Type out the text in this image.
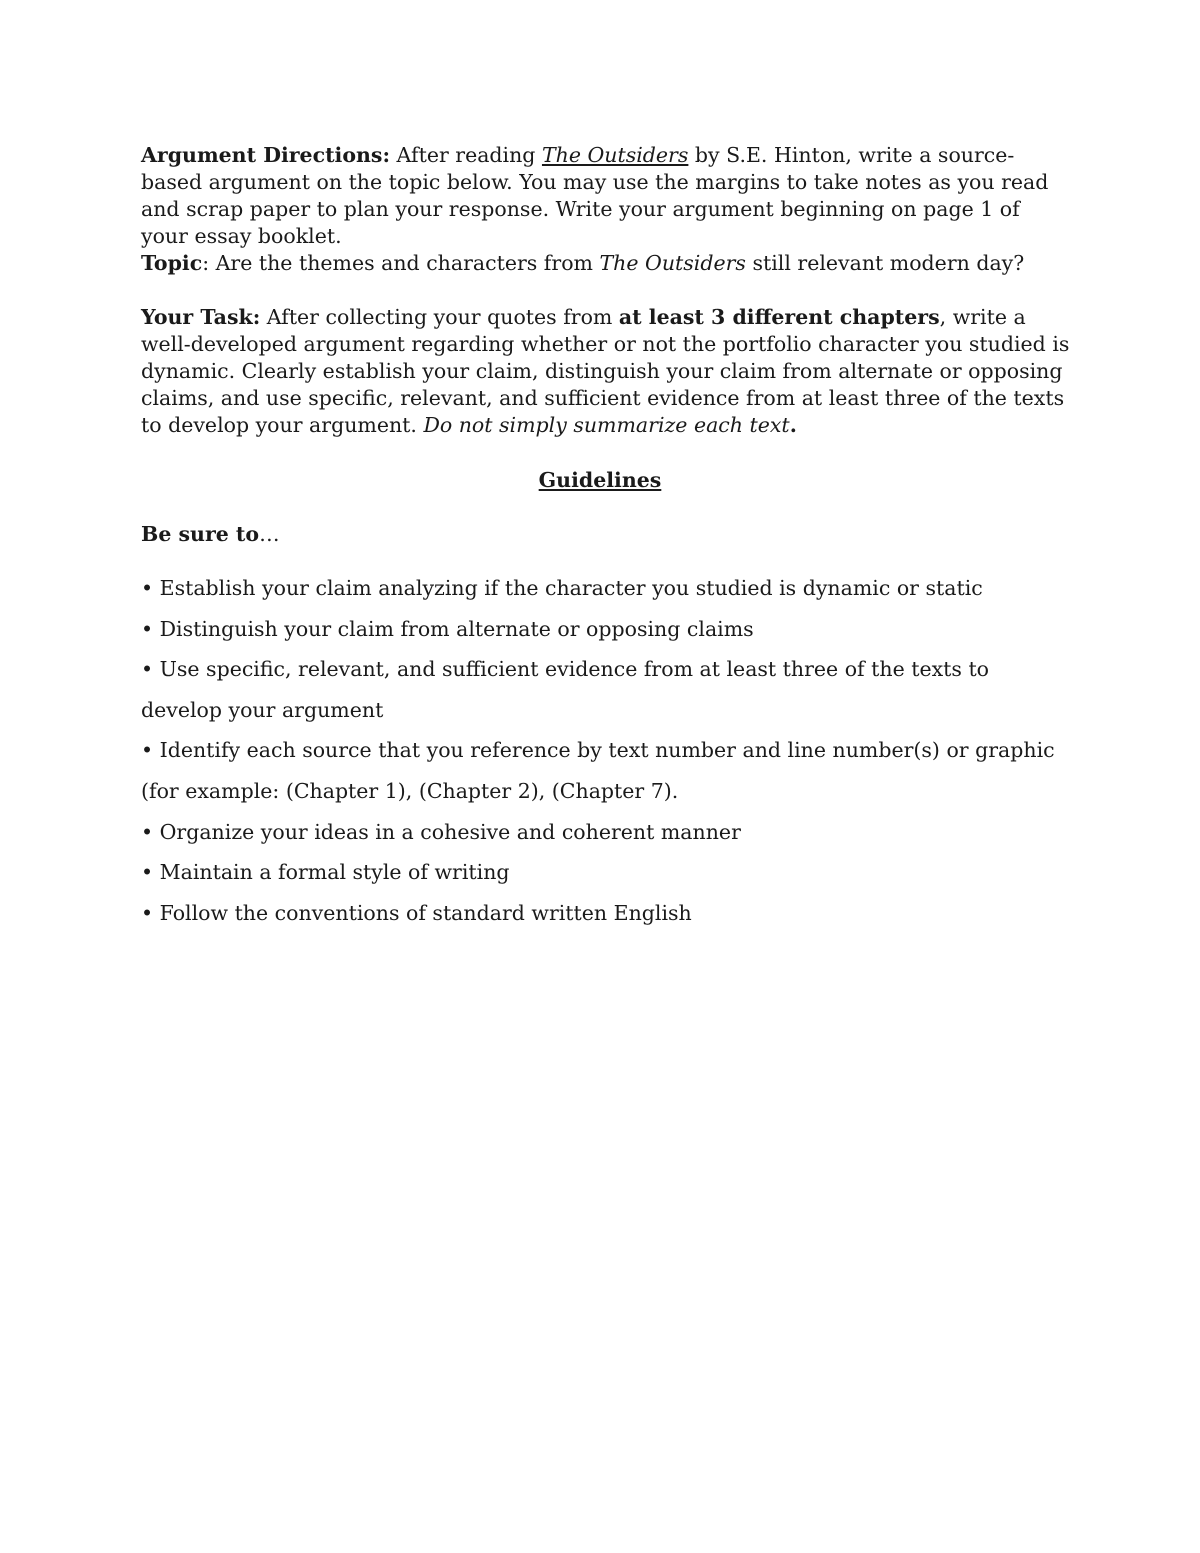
Argument Directions: After reading The Outsiders by S.E. Hinton, write a source-based argument on the topic below. You may use the margins to take notes as you read and scrap paper to plan your response. Write your argument beginning on page 1 of your essay booklet.

Topic: Are the themes and characters from The Outsiders still relevant modern day?

Your Task: After collecting your quotes from at least 3 different chapters, write a well-developed argument regarding whether or not the portfolio character you studied is dynamic. Clearly establish your claim, distinguish your claim from alternate or opposing claims, and use specific, relevant, and sufficient evidence from at least three of the texts to develop your argument. Do not simply summarize each text.

Guidelines

Be sure to…

• Establish your claim analyzing if the character you studied is dynamic or static

• Distinguish your claim from alternate or opposing claims

• Use specific, relevant, and sufficient evidence from at least three of the texts to develop your argument

• Identify each source that you reference by text number and line number(s) or graphic (for example: (Chapter 1), (Chapter 2), (Chapter 7).

• Organize your ideas in a cohesive and coherent manner

• Maintain a formal style of writing

• Follow the conventions of standard written English
